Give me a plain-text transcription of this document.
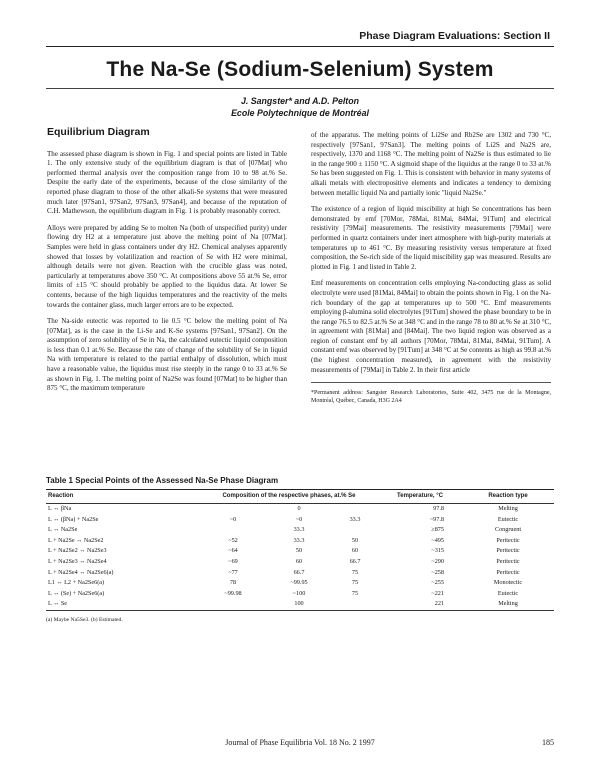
Phase Diagram Evaluations: Section II
The Na-Se (Sodium-Selenium) System
J. Sangster* and A.D. Pelton
Ecole Polytechnique de Montréal
Equilibrium Diagram

The assessed phase diagram is shown in Fig. 1 and special points are listed in Table 1. The only extensive study of the equilibrium diagram is that of [07Mat] who performed thermal analysis over the composition range from 10 to 98 at.% Se. Despite the early date of the experiments, because of the close similarity of the reported phase diagram to those of the other alkali-Se systems that were measured much later [97San1, 97San2, 97San3, 97San4], and because of the reputation of C.H. Mathewson, the equilibrium diagram in Fig. 1 is probably reasonably correct.

Alloys were prepared by adding Se to molten Na (both of unspecified purity) under flowing dry H2 at a temperature just above the melting point of Na [07Mat]. Samples were held in glass containers under dry H2. Chemical analyses apparently showed that losses by volatilization and reaction of Se with H2 were minimal, although details were not given. Reaction with the crucible glass was noted, particularly at temperatures above 350 °C. At compositions above 55 at.% Se, error limits of ±15 °C should probably be applied to the liquidus data. At lower Se contents, because of the high liquidus temperatures and the reactivity of the melts towards the container glass, much larger errors are to be expected.

The Na-side eutectic was reported to lie 0.5 °C below the melting point of Na [07Mat], as is the case in the Li-Se and K-Se systems [97San1, 97San2]. On the assumption of zero solubility of Se in Na, the calculated eutectic liquid composition is less than 0.1 at.% Se. Because the rate of change of the solubility of Se in liquid Na with temperature is related to the partial enthalpy of dissolution, which must have a reasonable value, the liquidus must rise steeply in the range 0 to 33 at.% Se as shown in Fig. 1. The melting point of Na2Se was found [07Mat] to be higher than 875 °C, the maximum temperature

of the apparatus. The melting points of Li2Se and Rb2Se are 1302 and 730 °C, respectively [97San1, 97San3]. The melting points of Li2S and Na2S are, respectively, 1370 and 1168 °C. The melting point of Na2Se is thus estimated to lie in the range 900 ± 1150 °C. A sigmoid shape of the liquidus at the range 0 to 33 at.% Se has been suggested on Fig. 1. This is consistent with behavior in many systems of alkali metals with electropositive elements and indicates a tendency to demixing between metallic liquid Na and partially ionic "liquid Na2Se."

The existence of a region of liquid miscibility at high Se concentrations has been demonstrated by emf [70Mor, 78Mai, 81Mai, 84Mai, 91Tum] and electrical resistivity [79Mai] measurements. The resistivity measurements [79Mai] were performed in quartz containers under inert atmosphere with high-purity materials at temperatures up to 461 °C. By measuring resistivity versus temperature at fixed composition, the Se-rich side of the liquid miscibility gap was measured. Results are plotted in Fig. 1 and listed in Table 2.

Emf measurements on concentration cells employing Na-conducting glass as solid electrolyte were used [81Mai, 84Mai] to obtain the points shown in Fig. 1 on the Na-rich boundary of the gap at temperatures up to 500 °C. Emf measurements employing β-alumina solid electrolytes [91Tum] showed the phase boundary to be in the range 76.5 to 82.5 at.% Se at 348 °C and in the range 78 to 80 at.% Se at 310 °C, in agreement with [81Mai] and [84Mai]. The two liquid region was observed as a region of constant emf by all authors [70Mor, 78Mai, 81Mai, 84Mai, 91Tum]. A constant emf was observed by [91Tum] at 348 °C at Se contents as high as 99.8 at.% (the highest concentration measured), in agreement with the resistivity measurements of [79Mai] in Table 2. In their first article

*Permanent address: Sangster Research Laboratories, Suite 402, 3475 rue de la Montagne, Montréal, Québec, Canada, H3G 2A4
Table 1 Special Points of the Assessed Na-Se Phase Diagram
Reaction	Composition of the respective phases, at.% Se			Temperature, °C	Reaction type
L ↔ βNa		0		97.8	Melting
L ↔ (βNa) + Na2Se	~0	~0	33.3	~97.8	Eutectic
L ↔ Na2Se		33.3		≥875	Congruent
L + Na2Se ↔ Na2Se2	~52	33.3	50	~495	Peritectic
L + Na2Se2 ↔ Na2Se3	~64	50	60	~315	Peritectic
L + Na2Se3 ↔ Na2Se4	~69	60	66.7	~290	Peritectic
L + Na2Se4 ↔ Na2Se6(a)	~77	66.7	75	~258	Peritectic
L1 ↔ L2 + Na2Se6(a)	78	~99.95	75	~255	Monotectic
L ↔ (Se) + Na2Se6(a)	~99.98	~100	75	~221	Eutectic
L ↔ Se		100		221	Melting
(a) Maybe Na5Se3. (b) Estimated.
Journal of Phase Equilibria Vol. 18 No. 2 1997	185
